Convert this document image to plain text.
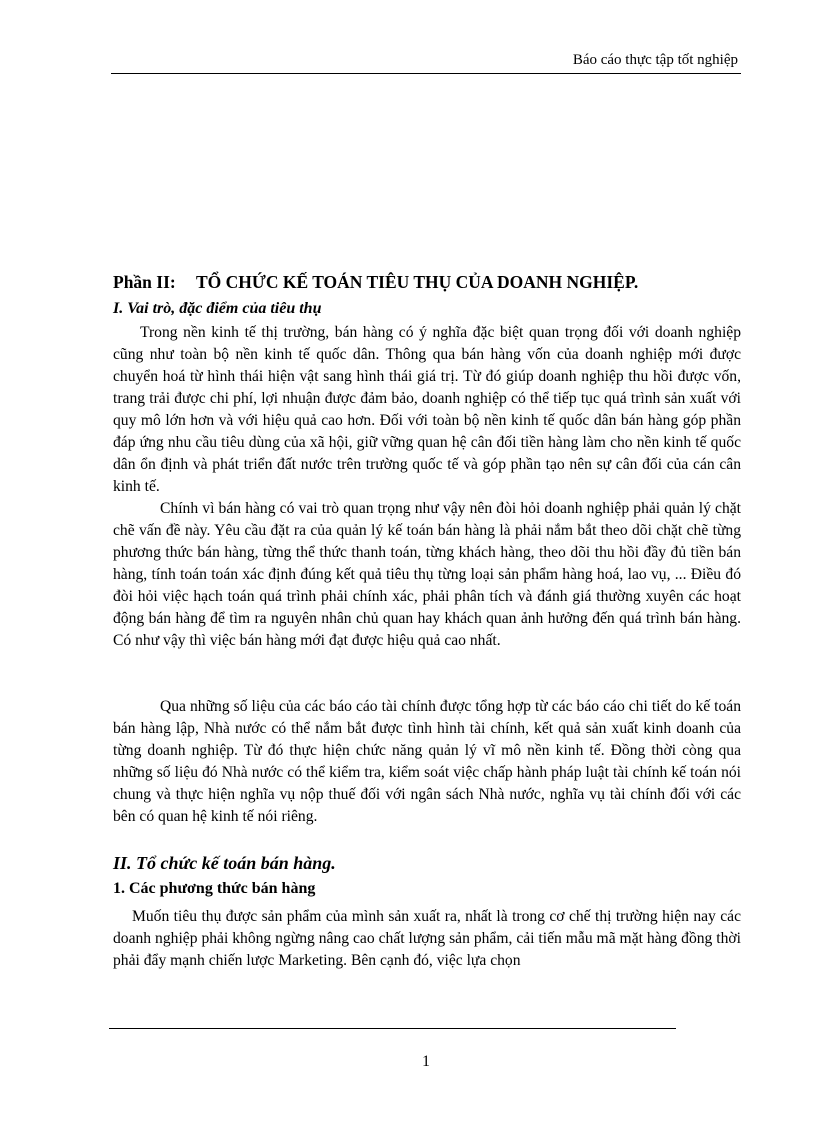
Báo cáo thực tập tốt nghiệp
Phần II: TỔ CHỨC KẾ TOÁN TIÊU THỤ CỦA DOANH NGHIỆP.
I. Vai trò, đặc điểm của tiêu thụ

Trong nền kinh tế thị trường, bán hàng có ý nghĩa đặc biệt quan trọng đối với doanh nghiệp cũng như toàn bộ nền kinh tế quốc dân. Thông qua bán hàng vốn của doanh nghiệp mới được chuyển hoá từ hình thái hiện vật sang hình thái giá trị. Từ đó giúp doanh nghiệp thu hồi được vốn, trang trải được chi phí, lợi nhuận được đảm bảo, doanh nghiệp có thể tiếp tục quá trình sản xuất với quy mô lớn hơn và với hiệu quả cao hơn. Đối với toàn bộ nền kinh tế quốc dân bán hàng góp phần đáp ứng nhu cầu tiêu dùng của xã hội, giữ vững quan hệ cân đối tiền hàng làm cho nền kinh tế quốc dân ổn định và phát triển đất nước trên trường quốc tế và góp phần tạo nên sự cân đối của cán cân kinh tế.

Chính vì bán hàng có vai trò quan trọng như vậy nên đòi hỏi doanh nghiệp phải quản lý chặt chẽ vấn đề này. Yêu cầu đặt ra của quản lý kế toán bán hàng là phải nắm bắt theo dõi chặt chẽ từng phương thức bán hàng, từng thể thức thanh toán, từng khách hàng, theo dõi thu hồi đầy đủ tiền bán hàng, tính toán toán xác định đúng kết quả tiêu thụ từng loại sản phẩm hàng hoá, lao vụ, ... Điều đó đòi hỏi việc hạch toán quá trình phải chính xác, phải phân tích và đánh giá thường xuyên các hoạt động bán hàng để tìm ra nguyên nhân chủ quan hay khách quan ảnh hưởng đến quá trình bán hàng. Có như vậy thì việc bán hàng mới đạt được hiệu quả cao nhất.

Qua những số liệu của các báo cáo tài chính được tổng hợp từ các báo cáo chi tiết do kế toán bán hàng lập, Nhà nước có thể nắm bắt được tình hình tài chính, kết quả sản xuất kinh doanh của từng doanh nghiệp. Từ đó thực hiện chức năng quản lý vĩ mô nền kinh tế. Đồng thời còng qua những số liệu đó Nhà nước có thể kiểm tra, kiểm soát việc chấp hành pháp luật tài chính kế toán nói chung và thực hiện nghĩa vụ nộp thuế đối với ngân sách Nhà nước, nghĩa vụ tài chính đối với các bên có quan hệ kinh tế nói riêng.

II. Tổ chức kế toán bán hàng.
1. Các phương thức bán hàng

Muốn tiêu thụ được sản phẩm của mình sản xuất ra, nhất là trong cơ chế thị trường hiện nay các doanh nghiệp phải không ngừng nâng cao chất lượng sản phẩm, cải tiến mẫu mã mặt hàng đồng thời phải đẩy mạnh chiến lược Marketing. Bên cạnh đó, việc lựa chọn

1
